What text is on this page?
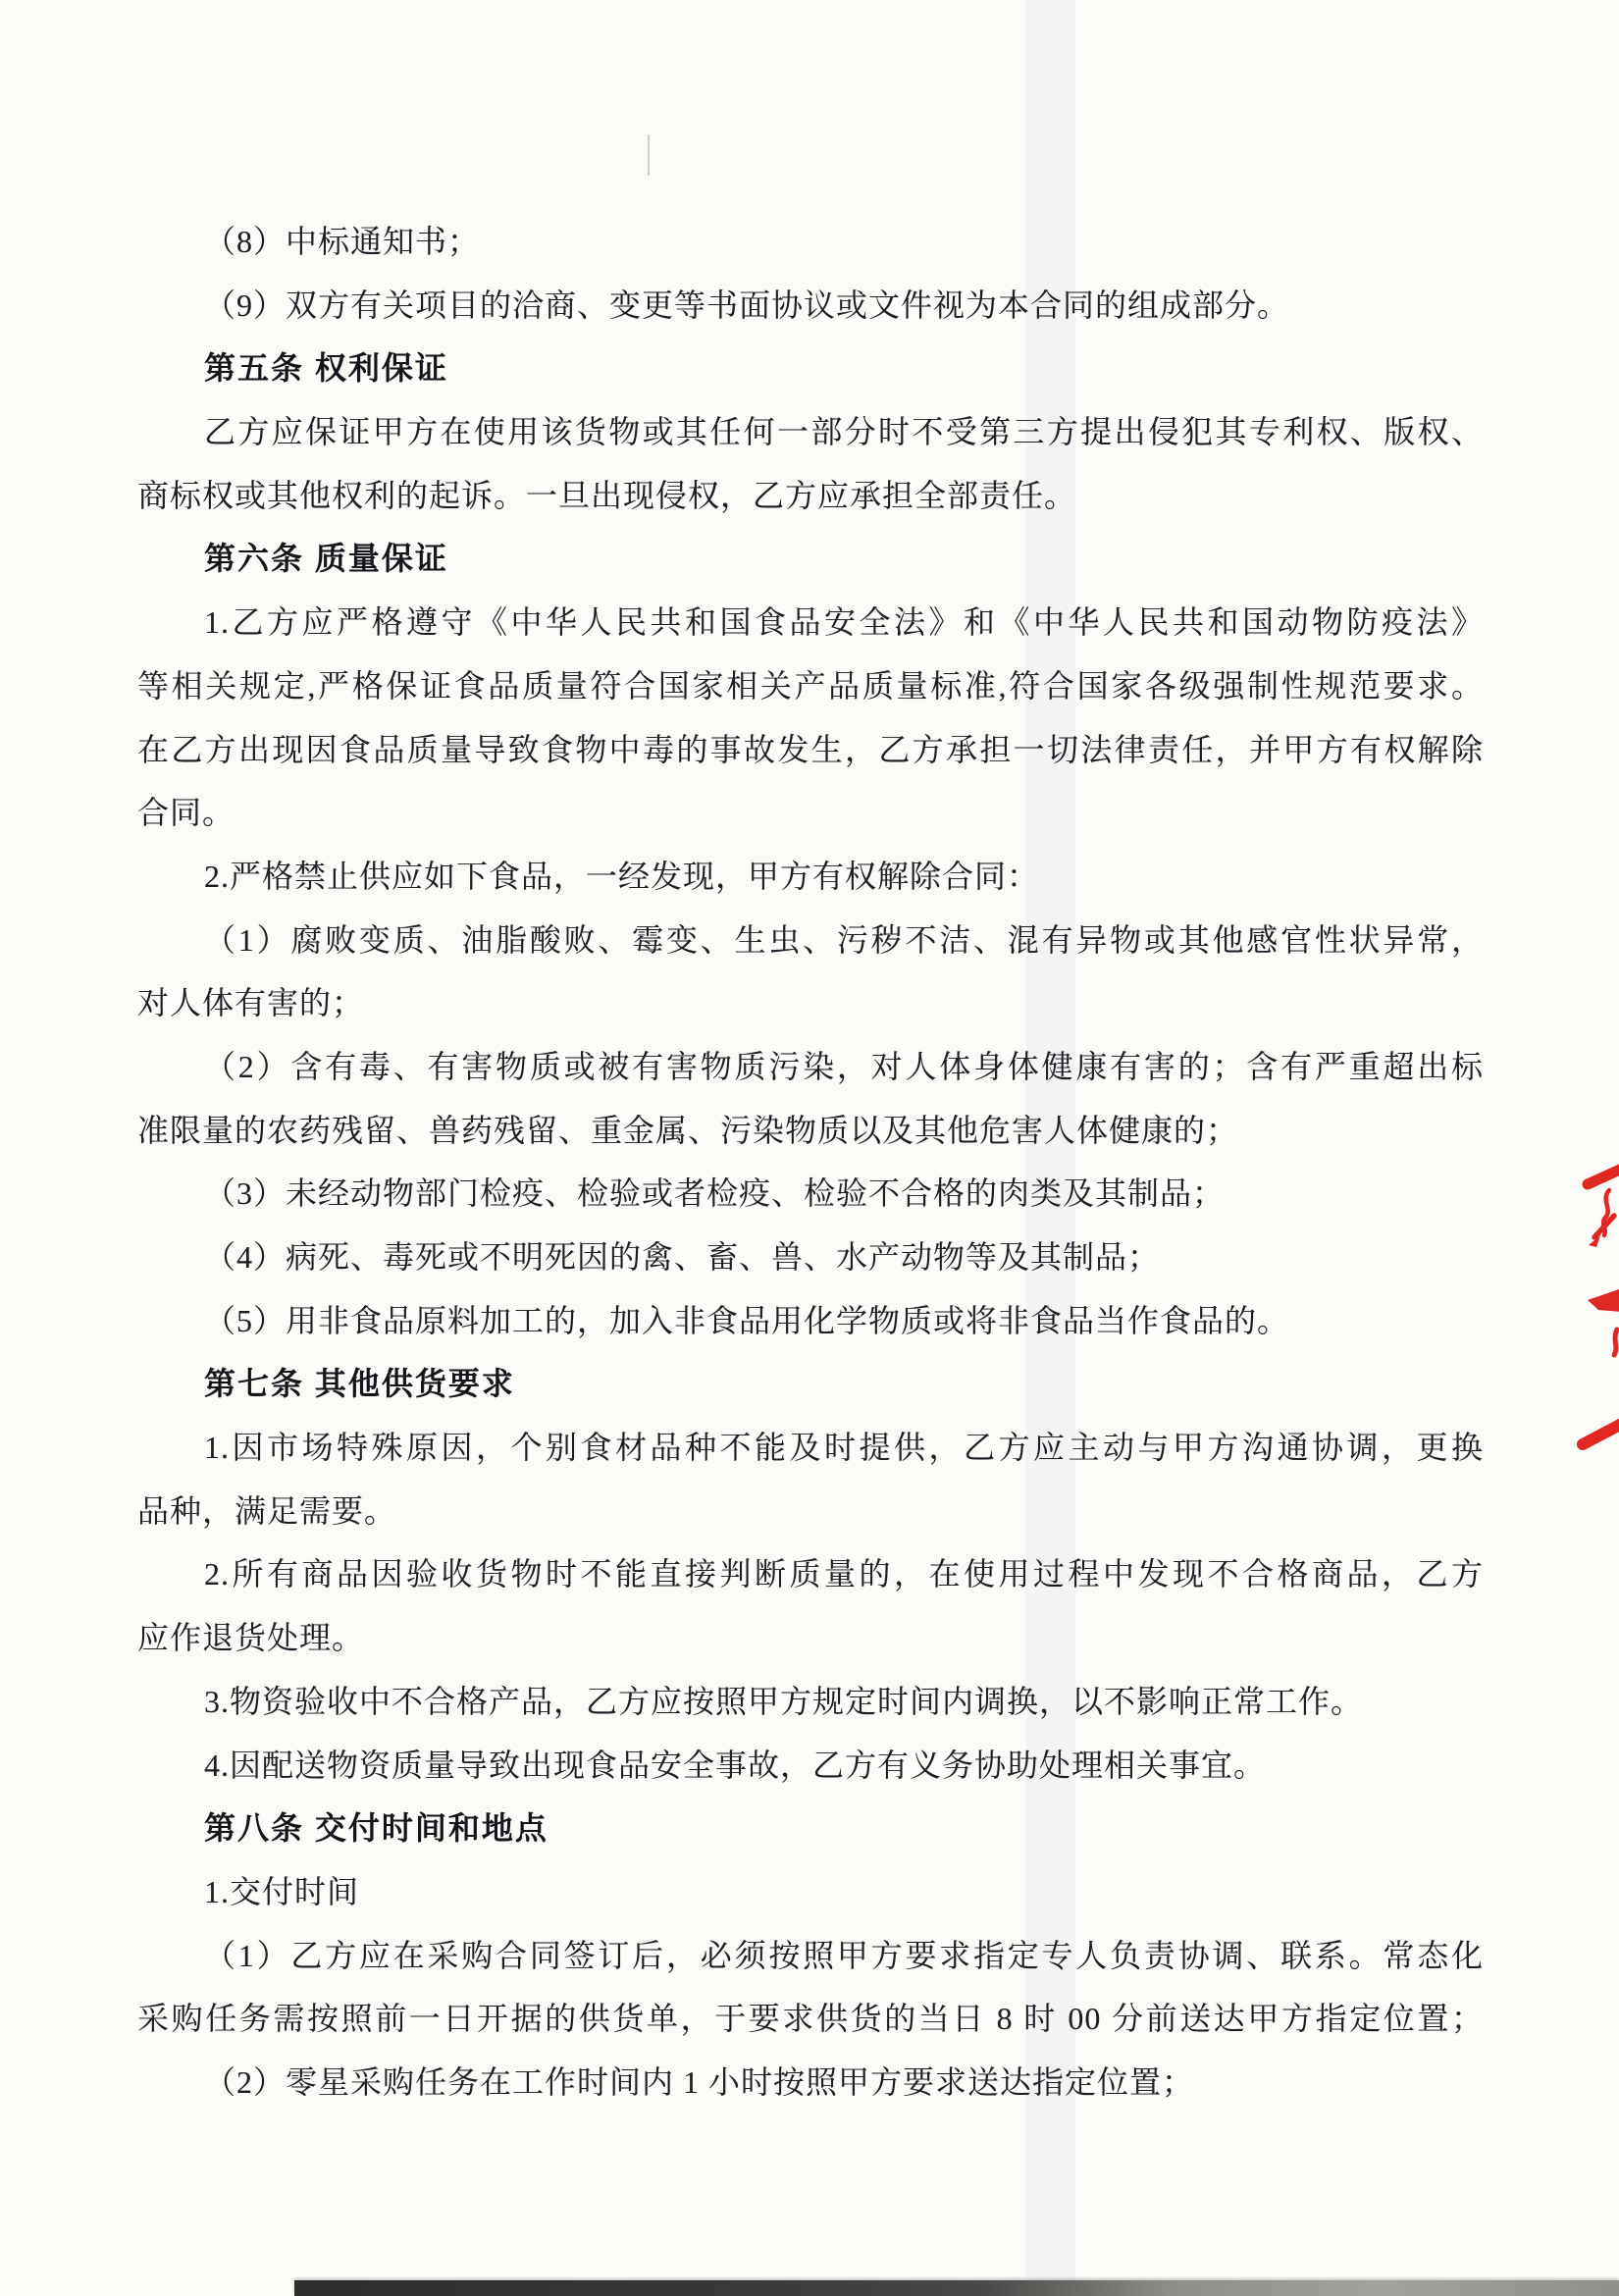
（8）中标通知书；
（9）双方有关项目的洽商、变更等书面协议或文件视为本合同的组成部分。
第五条 权利保证
乙方应保证甲方在使用该货物或其任何一部分时不受第三方提出侵犯其专利权、版权、
商标权或其他权利的起诉。一旦出现侵权，乙方应承担全部责任。
第六条 质量保证
1.乙方应严格遵守《中华人民共和国食品安全法》和《中华人民共和国动物防疫法》
等相关规定,严格保证食品质量符合国家相关产品质量标准,符合国家各级强制性规范要求。
在乙方出现因食品质量导致食物中毒的事故发生，乙方承担一切法律责任，并甲方有权解除
合同。
2.严格禁止供应如下食品，一经发现，甲方有权解除合同：
（1）腐败变质、油脂酸败、霉变、生虫、污秽不洁、混有异物或其他感官性状异常，
对人体有害的；
（2）含有毒、有害物质或被有害物质污染，对人体身体健康有害的；含有严重超出标
准限量的农药残留、兽药残留、重金属、污染物质以及其他危害人体健康的；
（3）未经动物部门检疫、检验或者检疫、检验不合格的肉类及其制品；
（4）病死、毒死或不明死因的禽、畜、兽、水产动物等及其制品；
（5）用非食品原料加工的，加入非食品用化学物质或将非食品当作食品的。
第七条 其他供货要求
1.因市场特殊原因，个别食材品种不能及时提供，乙方应主动与甲方沟通协调，更换
品种，满足需要。
2.所有商品因验收货物时不能直接判断质量的，在使用过程中发现不合格商品，乙方
应作退货处理。
3.物资验收中不合格产品，乙方应按照甲方规定时间内调换，以不影响正常工作。
4.因配送物资质量导致出现食品安全事故，乙方有义务协助处理相关事宜。
第八条 交付时间和地点
1.交付时间
（1）乙方应在采购合同签订后，必须按照甲方要求指定专人负责协调、联系。常态化
采购任务需按照前一日开据的供货单，于要求供货的当日 8 时 00 分前送达甲方指定位置；
（2）零星采购任务在工作时间内 1 小时按照甲方要求送达指定位置；
